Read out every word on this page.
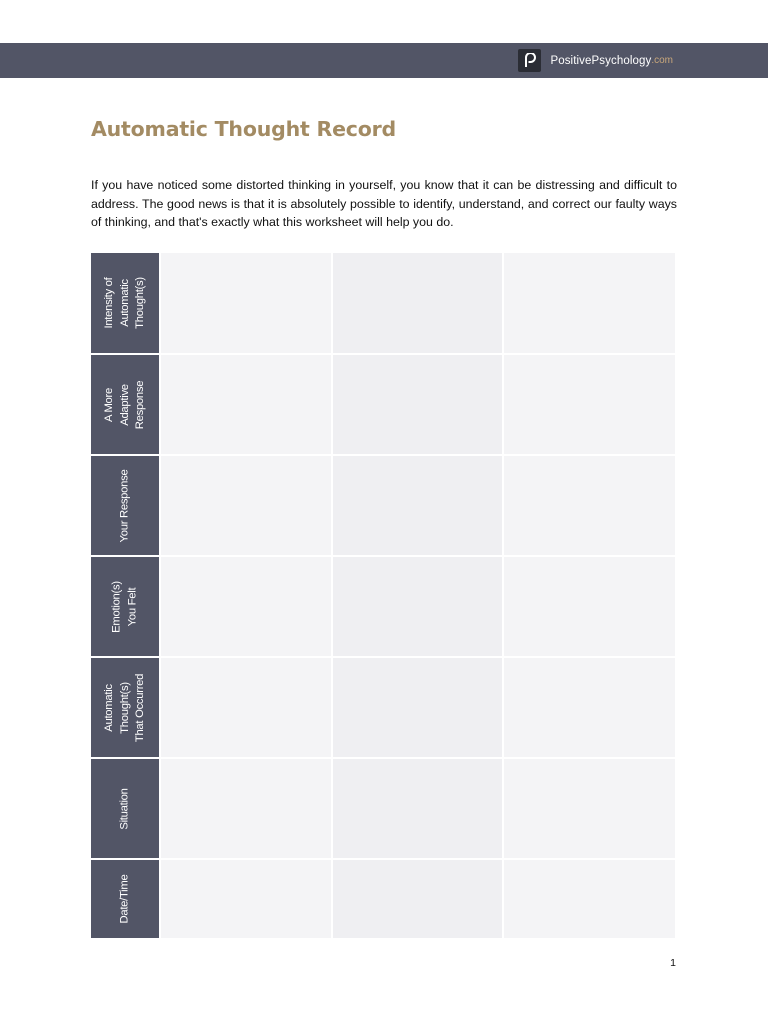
PositivePsychology .com
Automatic Thought Record

If you have noticed some distorted thinking in yourself, you know that it can be distressing and difficult to address. The good news is that it is absolutely possible to identify, understand, and correct our faulty ways of thinking, and that's exactly what this worksheet will help you do.

Intensity of
Automatic
Thought(s)
A More
Adaptive
Response
Your Response
Emotion(s)
You Felt
Automatic
Thought(s)
That Occurred
Situation
Date/Time
1
